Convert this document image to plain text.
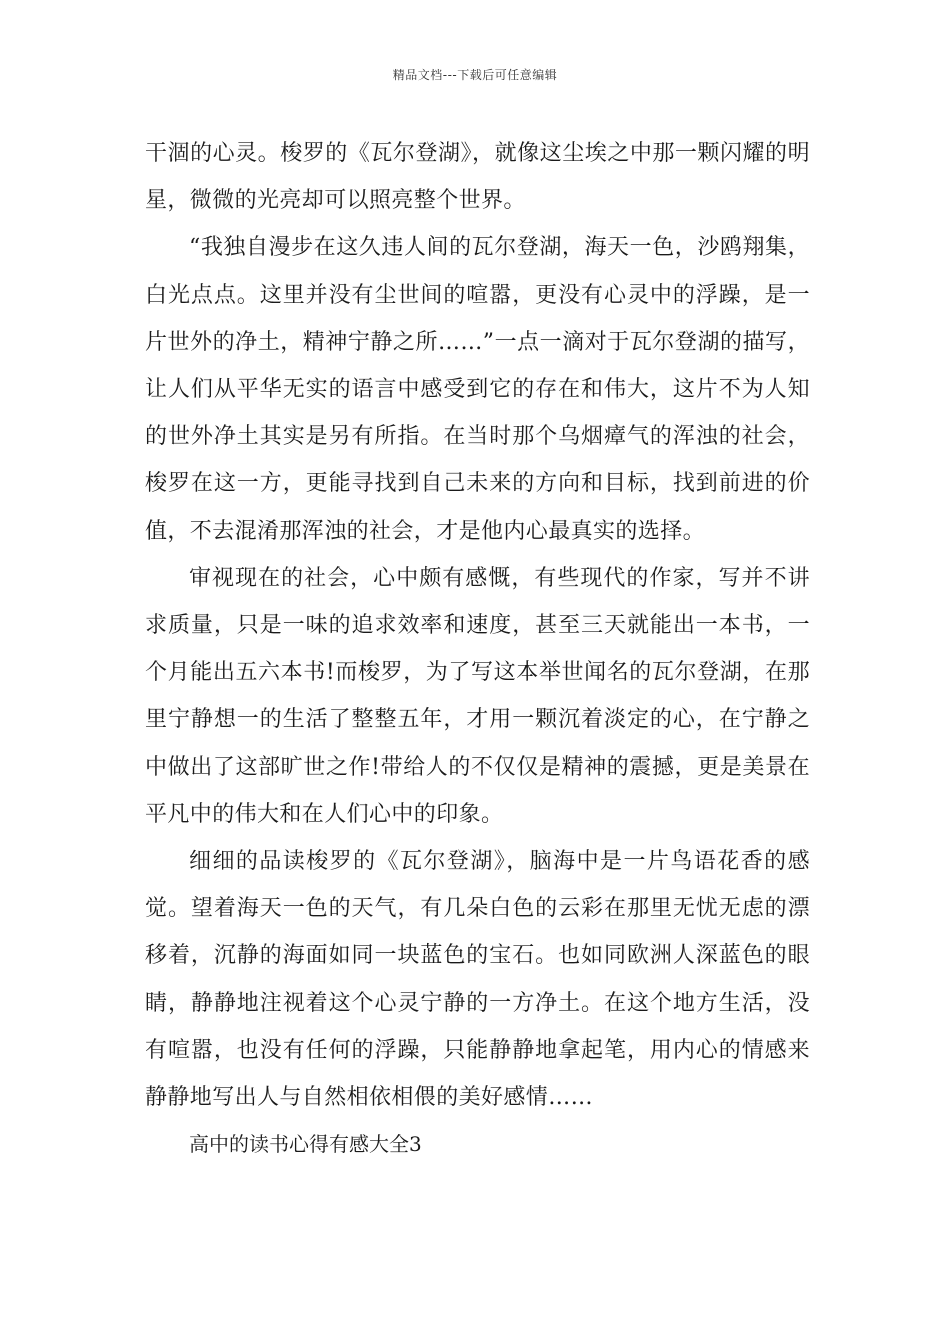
精品文档---下载后可任意编辑

干涸的心灵。梭罗的《瓦尔登湖》，就像这尘埃之中那一颗闪耀的明星，微微的光亮却可以照亮整个世界。

“我独自漫步在这久违人间的瓦尔登湖，海天一色，沙鸥翔集，白光点点。这里并没有尘世间的喧嚣，更没有心灵中的浮躁，是一片世外的净土，精神宁静之所……”一点一滴对于瓦尔登湖的描写，让人们从平华无实的语言中感受到它的存在和伟大，这片不为人知的世外净土其实是另有所指。在当时那个乌烟瘴气的浑浊的社会，梭罗在这一方，更能寻找到自己未来的方向和目标，找到前进的价值，不去混淆那浑浊的社会，才是他内心最真实的选择。

审视现在的社会，心中颇有感慨，有些现代的作家，写并不讲求质量，只是一味的追求效率和速度，甚至三天就能出一本书，一个月能出五六本书!而梭罗，为了写这本举世闻名的瓦尔登湖，在那里宁静想一的生活了整整五年，才用一颗沉着淡定的心，在宁静之中做出了这部旷世之作!带给人的不仅仅是精神的震撼，更是美景在平凡中的伟大和在人们心中的印象。

细细的品读梭罗的《瓦尔登湖》，脑海中是一片鸟语花香的感觉。望着海天一色的天气，有几朵白色的云彩在那里无忧无虑的漂移着，沉静的海面如同一块蓝色的宝石。也如同欧洲人深蓝色的眼睛，静静地注视着这个心灵宁静的一方净土。在这个地方生活，没有喧嚣，也没有任何的浮躁，只能静静地拿起笔，用内心的情感来静静地写出人与自然相依相偎的美好感情……

高中的读书心得有感大全3
